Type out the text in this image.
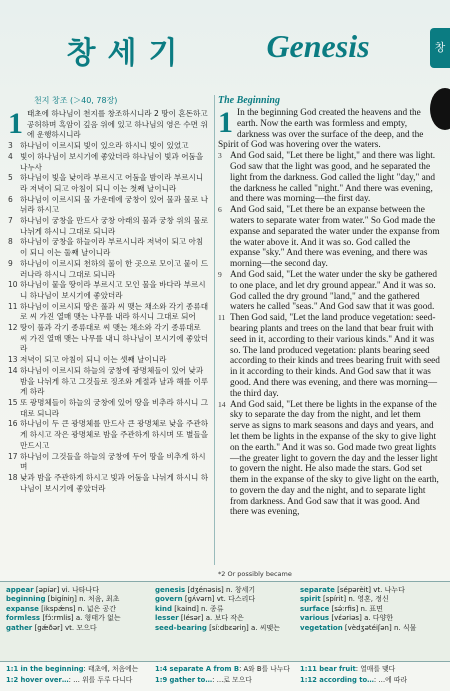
창세기	Genesis	창
천지 창조 (＞40, 78장)
1 태초에 하나님이 천지를 창조하시니라 2 땅이 혼돈하고 공허하며 흑암이 깊음 위에 있고 하나님의 영은 수면 위에 운행하시니라
3 하나님이 이르시되 빛이 있으라 하시니 빛이 있었고
4 빛이 하나님이 보시기에 좋았더라 하나님이 빛과 어둠을 나누사
5 하나님이 빛을 낮이라 부르시고 어둠을 밤이라 부르시니라 저녁이 되고 아침이 되니 이는 첫째 날이니라
6 하나님이 이르시되 물 가운데에 궁창이 있어 물과 물로 나뉘라 하시고
7 하나님이 궁창을 만드사 궁창 아래의 물과 궁창 위의 물로 나뉘게 하시니 그대로 되니라
8 하나님이 궁창을 하늘이라 부르시니라 저녁이 되고 아침이 되니 이는 둘째 날이니라
9 하나님이 이르시되 천하의 물이 한 곳으로 모이고 뭍이 드러나라 하시니 그대로 되니라
10 하나님이 뭍을 땅이라 부르시고 모인 물을 바다라 부르시니 하나님이 보시기에 좋았더라
11 하나님이 이르시되 땅은 풀과 씨 맺는 채소와 각기 종류대로 씨 가진 열매 맺는 나무를 내라 하시니 그대로 되어
12 땅이 풀과 각기 종류대로 씨 맺는 채소와 각기 종류대로 씨 가진 열매 맺는 나무를 내니 하나님이 보시기에 좋았더라
13 저녁이 되고 아침이 되니 이는 셋째 날이니라
14 하나님이 이르시되 하늘의 궁창에 광명체들이 있어 낮과 밤을 나뉘게 하고 그것들로 징조와 계절과 날과 해를 이루게 하라
15 또 광명체들이 하늘의 궁창에 있어 땅을 비추라 하시니 그대로 되니라
16 하나님이 두 큰 광명체를 만드사 큰 광명체로 낮을 주관하게 하시고 작은 광명체로 밤을 주관하게 하시며 또 별들을 만드시고
17 하나님이 그것들을 하늘의 궁창에 두어 땅을 비추게 하시며
18 낮과 밤을 주관하게 하시고 빛과 어둠을 나뉘게 하시니 하나님이 보시기에 좋았더라
The Beginning
1 In the beginning God created the heavens and the earth. Now the earth was formless and empty, darkness was over the surface of the deep, and the Spirit of God was hovering over the waters.
3 And God said, "Let there be light," and there was light. God saw that the light was good, and he separated the light from the darkness. God called the light "day," and the darkness he called "night." And there was evening, and there was morning—the first day.
6 And God said, "Let there be an expanse between the waters to separate water from water." So God made the expanse and separated the water under the expanse from the water above it. And it was so. God called the expanse "sky." And there was evening, and there was morning—the second day.
9 And God said, "Let the water under the sky be gathered to one place, and let dry ground appear." And it was so. God called the dry ground "land," and the gathered waters he called "seas." And God saw that it was good.
11 Then God said, "Let the land produce vegetation: seed-bearing plants and trees on the land that bear fruit with seed in it, according to their various kinds." And it was so. The land produced vegetation: plants bearing seed according to their kinds and trees bearing fruit with seed in it according to their kinds. And God saw that it was good. And there was evening, and there was morning—the third day.
14 And God said, "Let there be lights in the expanse of the sky to separate the day from the night, and let them serve as signs to mark seasons and days and years, and let them be lights in the expanse of the sky to give light on the earth." And it was so. God made two great lights—the greater light to govern the day and the lesser light to govern the night. He also made the stars. God set them in the expanse of the sky to give light on the earth, to govern the day and the night, and to separate light from darkness. And God saw that it was good. And there was evening,
*2 Or possibly became
appear [əpíər] vi. 나타나다
beginning [bigíniŋ] n. 처음, 최초
expanse [ikspǽns] n. 넓은 공간
formless [fɔ́ːrmlis] a. 형태가 없는
gather [gǽðər] vt. 모으다
genesis [dʒénəsis] n. 창세기
govern [gʌ́vərn] vt. 다스리다
kind [kaind] n. 종류
lesser [lésər] a. 보다 작은
seed-bearing [síːdbɛəriŋ] a. 씨맺는
separate [sépərèit] vt. 나누다
spirit [spírit] n. 영혼, 정신
surface [sə́ːrfis] n. 표면
various [vɛ́əriəs] a. 다양한
vegetation [vèdʒətéiʃən] n. 식물
1:1 in the beginning: 태초에, 처음에는
1:2 hover over…: … 위를 두루 다니다
1:4 separate A from B: A와 B를 나누다
1:9 gather to…: …로 모으다
1:11 bear fruit: 열매를 맺다
1:12 according to…: …에 따라
